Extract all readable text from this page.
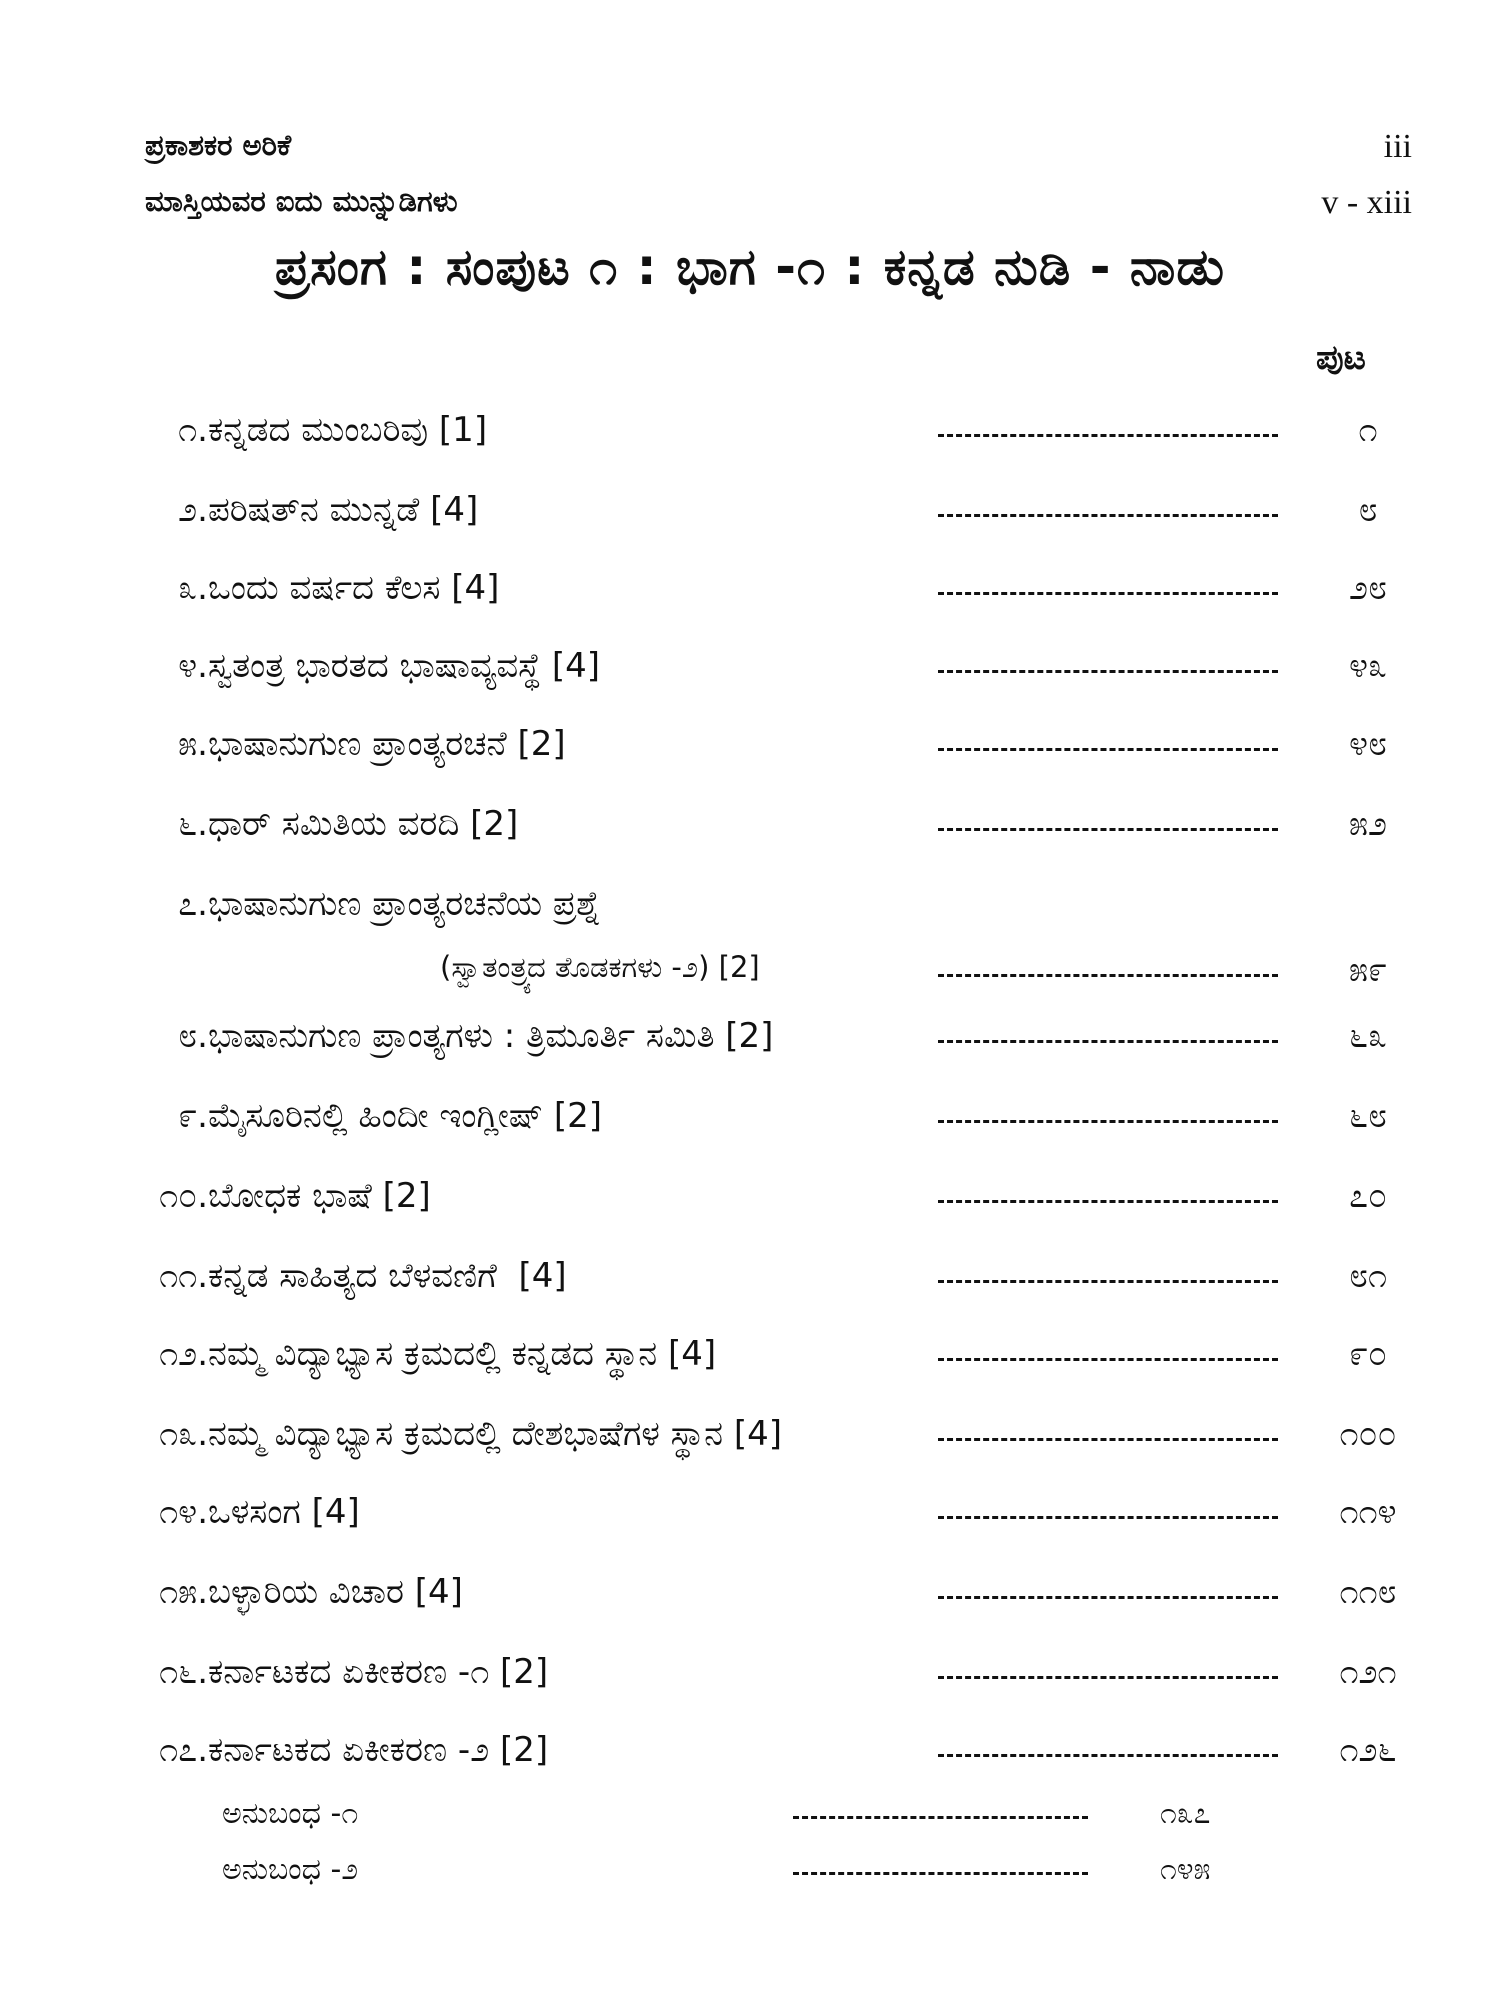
ಪ್ರಕಾಶಕರ ಅರಿಕೆ	iii
ಮಾಸ್ತಿಯವರ ಐದು ಮುನ್ನುಡಿಗಳು	v - xiii
ಪ್ರಸಂಗ : ಸಂಪುಟ ೧ : ಭಾಗ -೧ : ಕನ್ನಡ ನುಡಿ - ನಾಡು
ಪುಟ
೧. ಕನ್ನಡದ ಮುಂಬರಿವು [1]	೧
೨. ಪರಿಷತ್‌ನ ಮುನ್ನಡೆ [4]	೮
೩. ಒಂದು ವರ್ಷದ ಕೆಲಸ [4]	೨೮
೪. ಸ್ವತಂತ್ರ ಭಾರತದ ಭಾಷಾವ್ಯವಸ್ಥೆ [4]	೪೩
೫. ಭಾಷಾನುಗುಣ ಪ್ರಾಂತ್ಯರಚನೆ [2]	೪೮
೬. ಧಾರ್ ಸಮಿತಿಯ ವರದಿ [2]	೫೨
೭. ಭಾಷಾನುಗುಣ ಪ್ರಾಂತ್ಯರಚನೆಯ ಪ್ರಶ್ನೆ
(ಸ್ವಾತಂತ್ರ್ಯದ ತೊಡಕಗಳು -೨) [2]	೫೯
೮. ಭಾಷಾನುಗುಣ ಪ್ರಾಂತ್ಯಗಳು : ತ್ರಿಮೂರ್ತಿ ಸಮಿತಿ [2]	೬೩
೯. ಮೈಸೂರಿನಲ್ಲಿ ಹಿಂದೀ ಇಂಗ್ಲೀಷ್ [2]	೬೮
೧೦. ಬೋಧಕ ಭಾಷೆ [2]	೭೦
೧೧. ಕನ್ನಡ ಸಾಹಿತ್ಯದ ಬೆಳವಣಿಗೆ  [4]	೮೧
೧೨. ನಮ್ಮ ವಿದ್ಯಾಭ್ಯಾಸ ಕ್ರಮದಲ್ಲಿ ಕನ್ನಡದ ಸ್ಥಾನ [4]	೯೦
೧೩. ನಮ್ಮ ವಿದ್ಯಾಭ್ಯಾಸ ಕ್ರಮದಲ್ಲಿ ದೇಶಭಾಷೆಗಳ ಸ್ಥಾನ [4]	೧೦೦
೧೪. ಒಳಸಂಗ [4]	೧೧೪
೧೫. ಬಳ್ಳಾರಿಯ ವಿಚಾರ [4]	೧೧೮
೧೬. ಕರ್ನಾಟಕದ ಏಕೀಕರಣ -೧ [2]	೧೨೧
೧೭. ಕರ್ನಾಟಕದ ಏಕೀಕರಣ -೨ [2]	೧೨೬
ಅನುಬಂಧ -೧	೧೩೭
ಅನುಬಂಧ -೨	೧೪೫
